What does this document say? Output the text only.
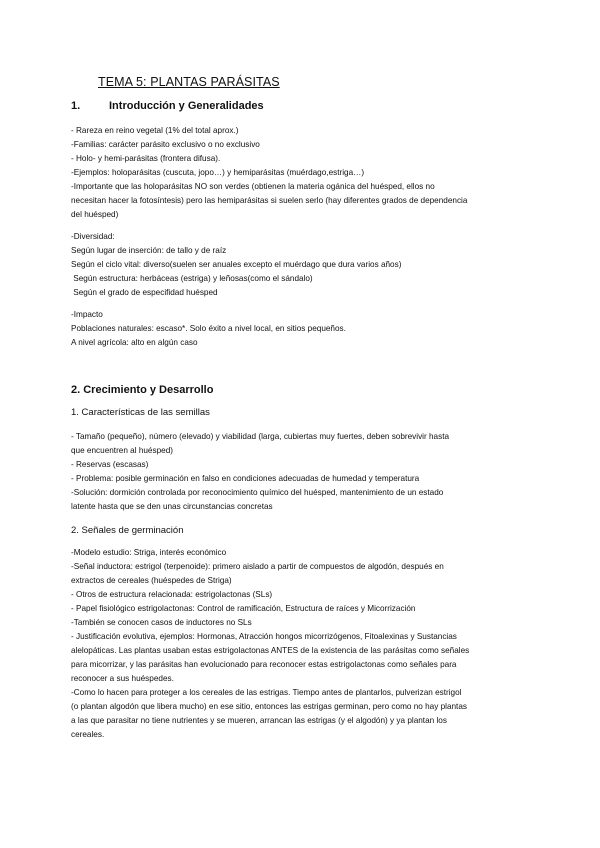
TEMA 5: PLANTAS PARÁSITAS
1.	Introducción y Generalidades
- Rareza en reino vegetal (1% del total aprox.)
-Familias: carácter parásito exclusivo o no exclusivo
- Holo- y hemi-parásitas (frontera difusa).
-Ejemplos: holoparásitas (cuscuta, jopo…) y hemiparásitas (muérdago,estriga…)
-Importante que las holoparásitas NO son verdes (obtienen la materia ogánica del huésped, ellos no
necesitan hacer la fotosíntesis) pero las hemiparásitas si suelen serlo (hay diferentes grados de dependencia
del huésped)
-Diversidad:
Según lugar de inserción: de tallo y de raíz
Según el ciclo vital: diverso(suelen ser anuales excepto el muérdago que dura varios años)
Según estructura: herbáceas (estriga) y leñosas(como el sándalo)
Según el grado de especifidad huésped
-Impacto
Poblaciones naturales: escaso*. Solo éxito a nivel local, en sitios pequeños.
A nivel agrícola: alto en algún caso
2. Crecimiento y Desarrollo
1. Características de las semillas
- Tamaño (pequeño), número (elevado) y viabilidad (larga, cubiertas muy fuertes, deben sobrevivir hasta
que encuentren al huésped)
- Reservas (escasas)
- Problema: posible germinación en falso en condiciones adecuadas de humedad y temperatura
-Solución: dormición controlada por reconocimiento químico del huésped, mantenimiento de un estado
latente hasta que se den unas circunstancias concretas
2. Señales de germinación
-Modelo estudio: Striga, interés económico
-Señal inductora: estrigol (terpenoide): primero aislado a partir de compuestos de algodón, después en
extractos de cereales (huéspedes de Striga)
- Otros de estructura relacionada: estrigolactonas (SLs)
- Papel fisiológico estrigolactonas: Control de ramificación, Estructura de raíces y Micorrización
-También se conocen casos de inductores no SLs
- Justificación evolutiva, ejemplos: Hormonas, Atracción hongos micorrizógenos, Fitoalexinas y Sustancias
alelopáticas. Las plantas usaban estas estrigolactonas ANTES de la existencia de las parásitas como señales
para micorrizar, y las parásitas han evolucionado para reconocer estas estrigolactonas como señales para
reconocer a sus huéspedes.
-Como lo hacen para proteger a los cereales de las estrigas. Tiempo antes de plantarlos, pulverizan estrigol
(o plantan algodón que libera mucho) en ese sitio, entonces las estrigas germinan, pero como no hay plantas
a las que parasitar no tiene nutrientes y se mueren, arrancan las estrigas (y el algodón) y ya plantan los
cereales.
